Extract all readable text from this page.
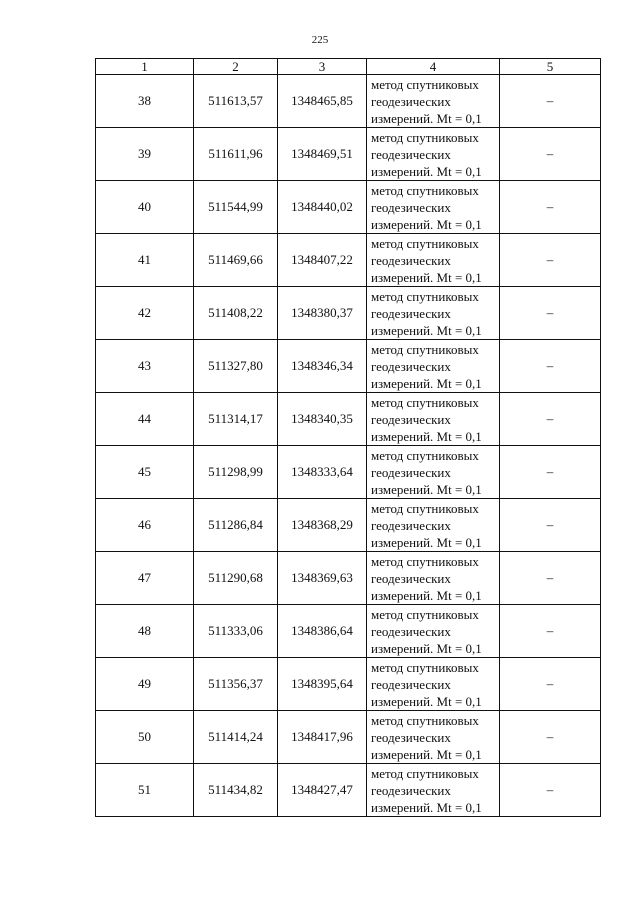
225
1	2	3	4	5
38	511613,57	1348465,85	метод спутниковых
геодезических
измерений. Mt = 0,1	–
39	511611,96	1348469,51	метод спутниковых
геодезических
измерений. Mt = 0,1	–
40	511544,99	1348440,02	метод спутниковых
геодезических
измерений. Mt = 0,1	–
41	511469,66	1348407,22	метод спутниковых
геодезических
измерений. Mt = 0,1	–
42	511408,22	1348380,37	метод спутниковых
геодезических
измерений. Mt = 0,1	–
43	511327,80	1348346,34	метод спутниковых
геодезических
измерений. Mt = 0,1	–
44	511314,17	1348340,35	метод спутниковых
геодезических
измерений. Mt = 0,1	–
45	511298,99	1348333,64	метод спутниковых
геодезических
измерений. Mt = 0,1	–
46	511286,84	1348368,29	метод спутниковых
геодезических
измерений. Mt = 0,1	–
47	511290,68	1348369,63	метод спутниковых
геодезических
измерений. Mt = 0,1	–
48	511333,06	1348386,64	метод спутниковых
геодезических
измерений. Mt = 0,1	–
49	511356,37	1348395,64	метод спутниковых
геодезических
измерений. Mt = 0,1	–
50	511414,24	1348417,96	метод спутниковых
геодезических
измерений. Mt = 0,1	–
51	511434,82	1348427,47	метод спутниковых
геодезических
измерений. Mt = 0,1	–
